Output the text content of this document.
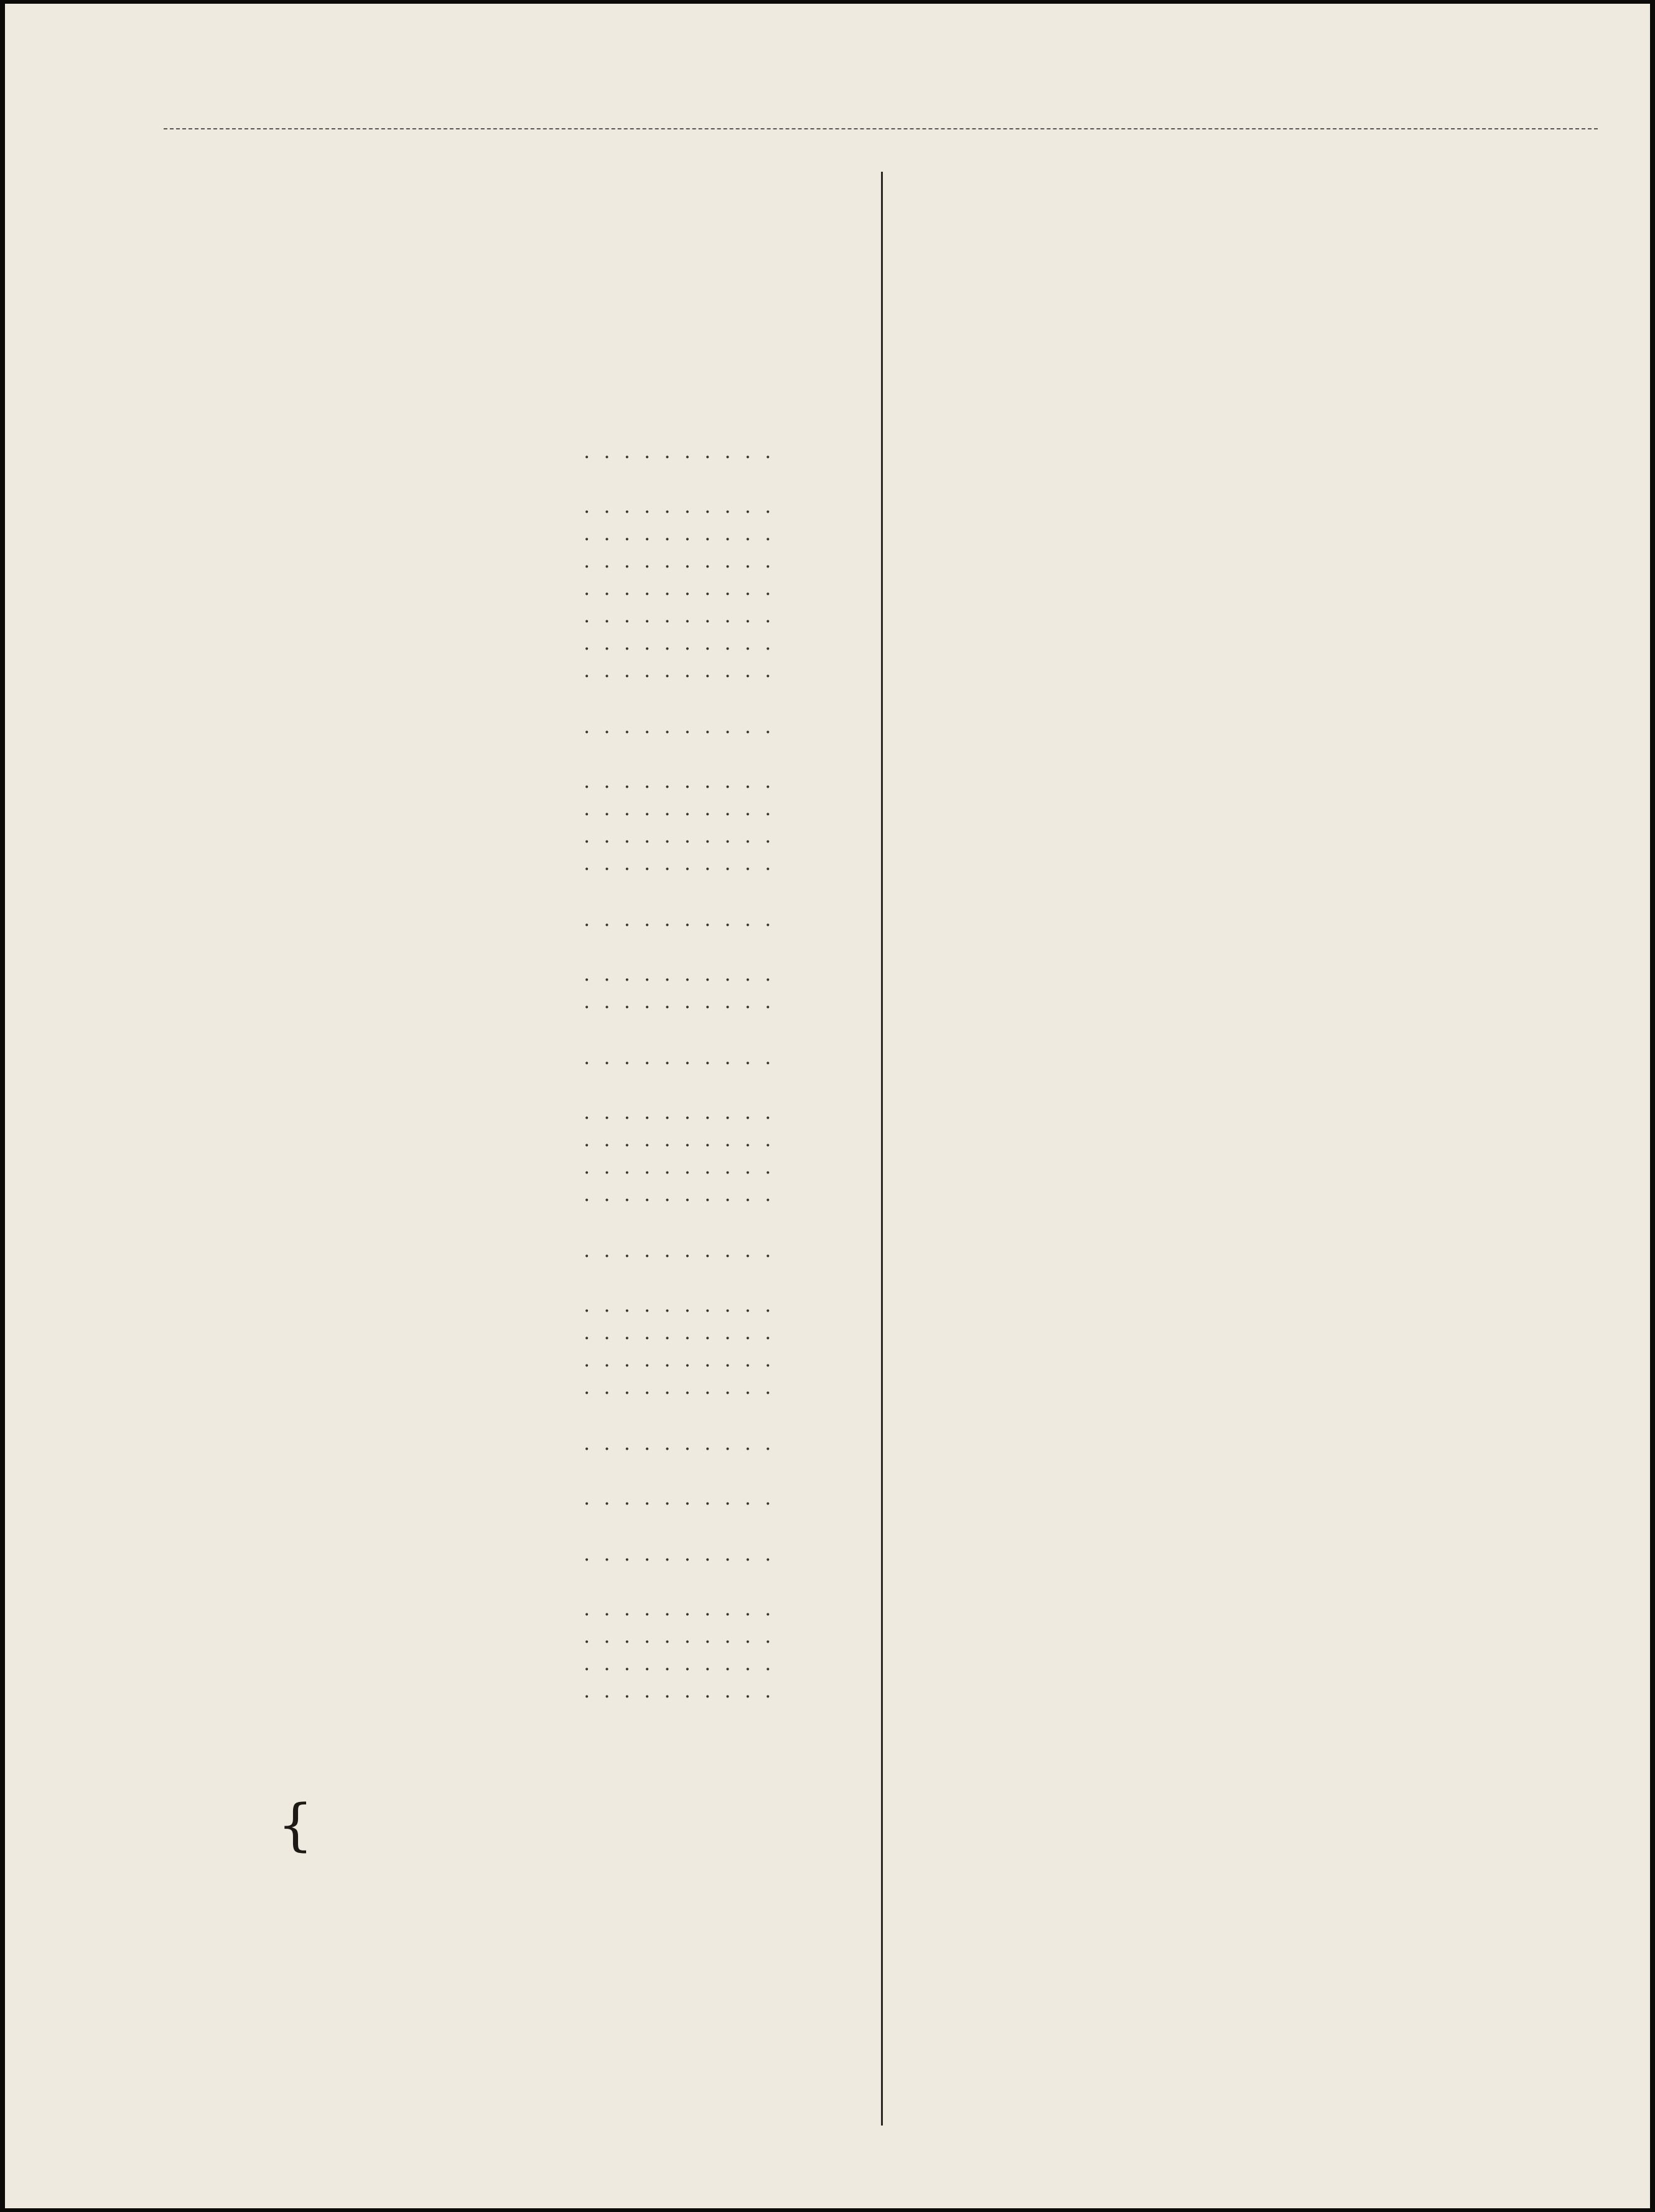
{
. . . . . . . . . .
. . . . . . . . . .
. . . . . . . . . .
. . . . . . . . . .
. . . . . . . . . .
. . . . . . . . . .
. . . . . . . . . .
. . . . . . . . . .
. . . . . . . . . .
. . . . . . . . . .
. . . . . . . . . .
. . . . . . . . . .
. . . . . . . . . .
. . . . . . . . . .
. . . . . . . . . .
. . . . . . . . . .
. . . . . . . . . .
. . . . . . . . . .
. . . . . . . . . .
. . . . . . . . . .
. . . . . . . . . .
. . . . . . . . . .
. . . . . . . . . .
. . . . . . . . . .
. . . . . . . . . .
. . . . . . . . . .
. . . . . . . . . .
. . . . . . . . . .
. . . . . . . . . .
. . . . . . . . . .
. . . . . . . . . .
. . . . . . . . . .
. . . . . . . . . .
